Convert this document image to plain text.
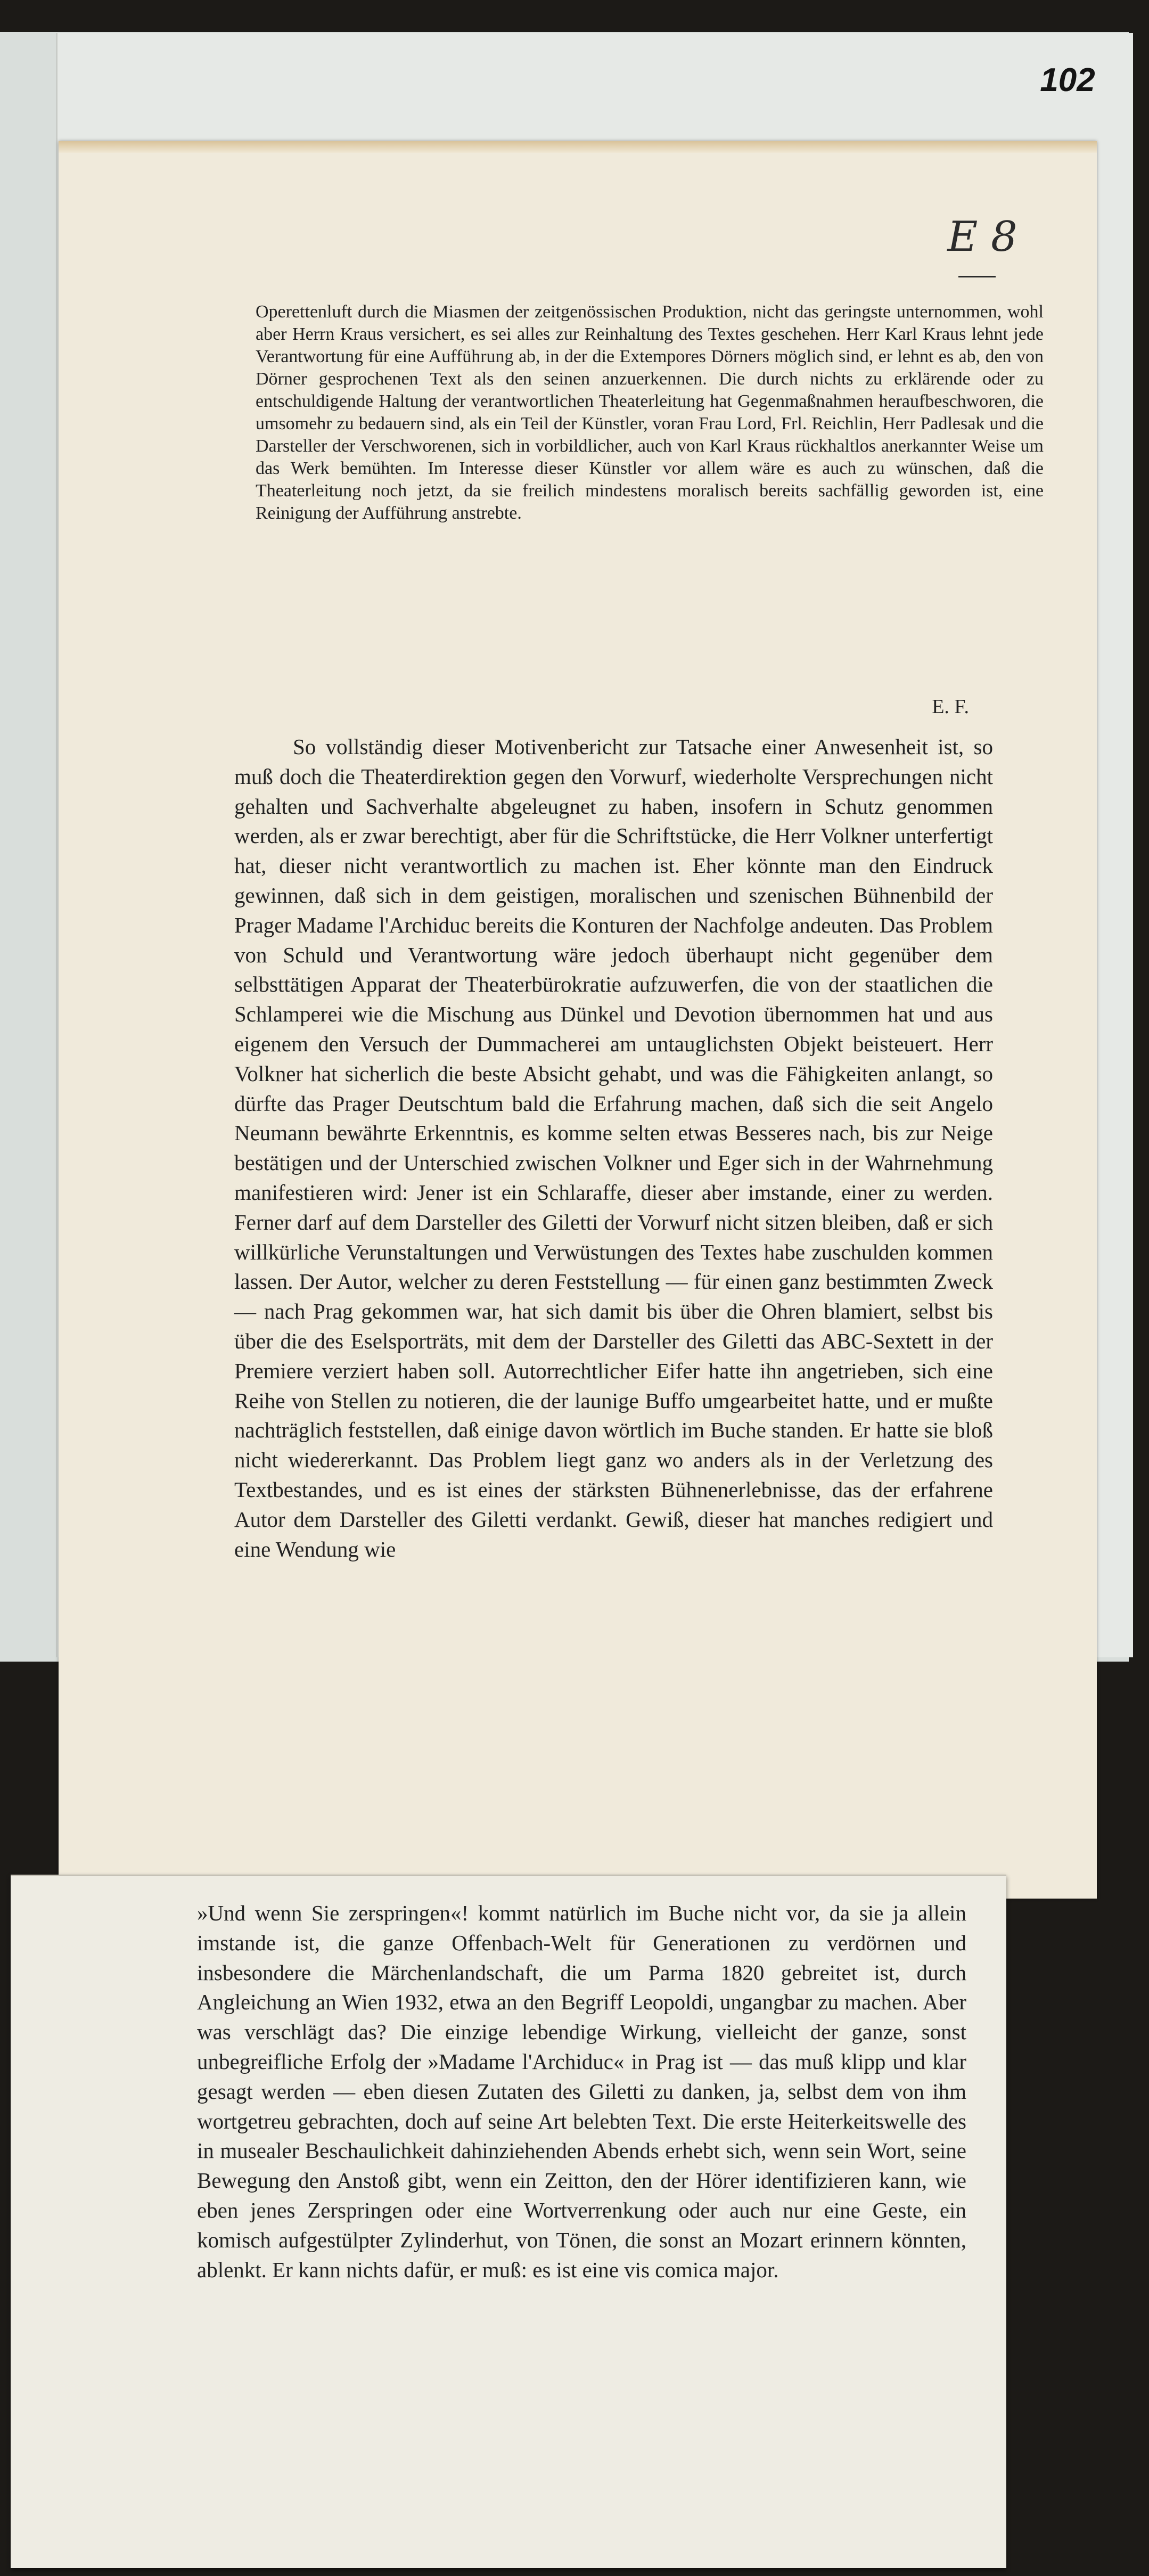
102
E 8
Operettenluft durch die Miasmen der zeitgenössischen Produktion, nicht das geringste unternommen, wohl aber Herrn Kraus versichert, es sei alles zur Reinhaltung des Textes geschehen. Herr Karl Kraus lehnt jede Verantwortung für eine Aufführung ab, in der die Extempores Dörners möglich sind, er lehnt es ab, den von Dörner gesprochenen Text als den seinen anzuerkennen. Die durch nichts zu erklärende oder zu entschuldigende Haltung der verantwortlichen Theaterleitung hat Gegenmaßnahmen heraufbeschworen, die umsomehr zu bedauern sind, als ein Teil der Künstler, voran Frau Lord, Frl. Reichlin, Herr Padlesak und die Darsteller der Verschworenen, sich in vorbildlicher, auch von Karl Kraus rückhaltlos anerkannter Weise um das Werk bemühten. Im Interesse dieser Künstler vor allem wäre es auch zu wünschen, daß die Theaterleitung noch jetzt, da sie freilich mindestens moralisch bereits sachfällig geworden ist, eine Reinigung der Aufführung anstrebte.
E. F.

So vollständig dieser Motivenbericht zur Tatsache einer Anwesenheit ist, so muß doch die Theaterdirektion gegen den Vorwurf, wiederholte Versprechungen nicht gehalten und Sachverhalte abgeleugnet zu haben, insofern in Schutz genommen werden, als er zwar berechtigt, aber für die Schriftstücke, die Herr Volkner unterfertigt hat, dieser nicht verantwortlich zu machen ist. Eher könnte man den Eindruck gewinnen, daß sich in dem geistigen, moralischen und szenischen Bühnenbild der Prager Madame l'Archiduc bereits die Konturen der Nachfolge andeuten. Das Problem von Schuld und Verantwortung wäre jedoch überhaupt nicht gegenüber dem selbsttätigen Apparat der Theaterbürokratie aufzuwerfen, die von der staatlichen die Schlamperei wie die Mischung aus Dünkel und Devotion übernommen hat und aus eigenem den Versuch der Dummacherei am untauglichsten Objekt beisteuert. Herr Volkner hat sicherlich die beste Absicht gehabt, und was die Fähigkeiten anlangt, so dürfte das Prager Deutschtum bald die Erfahrung machen, daß sich die seit Angelo Neumann bewährte Erkenntnis, es komme selten etwas Besseres nach, bis zur Neige bestätigen und der Unterschied zwischen Volkner und Eger sich in der Wahrnehmung manifestieren wird: Jener ist ein Schlaraffe, dieser aber imstande, einer zu werden. Ferner darf auf dem Darsteller des Giletti der Vorwurf nicht sitzen bleiben, daß er sich willkürliche Verunstaltungen und Verwüstungen des Textes habe zuschulden kommen lassen. Der Autor, welcher zu deren Feststellung — für einen ganz bestimmten Zweck — nach Prag gekommen war, hat sich damit bis über die Ohren blamiert, selbst bis über die des Eselsporträts, mit dem der Darsteller des Giletti das ABC-Sextett in der Premiere verziert haben soll. Autorrechtlicher Eifer hatte ihn angetrieben, sich eine Reihe von Stellen zu notieren, die der launige Buffo umgearbeitet hatte, und er mußte nachträglich feststellen, daß einige davon wörtlich im Buche standen. Er hatte sie bloß nicht wiedererkannt. Das Problem liegt ganz wo anders als in der Verletzung des Textbestandes, und es ist eines der stärksten Bühnenerlebnisse, das der erfahrene Autor dem Darsteller des Giletti verdankt. Gewiß, dieser hat manches redigiert und eine Wendung wie

»Und wenn Sie zerspringen«! kommt natürlich im Buche nicht vor, da sie ja allein imstande ist, die ganze Offenbach-Welt für Generationen zu verdörnen und insbesondere die Märchenlandschaft, die um Parma 1820 gebreitet ist, durch Angleichung an Wien 1932, etwa an den Begriff Leopoldi, ungangbar zu machen. Aber was verschlägt das? Die einzige lebendige Wirkung, vielleicht der ganze, sonst unbegreifliche Erfolg der »Madame l'Archiduc« in Prag ist — das muß klipp und klar gesagt werden — eben diesen Zutaten des Giletti zu danken, ja, selbst dem von ihm wortgetreu gebrachten, doch auf seine Art belebten Text. Die erste Heiterkeitswelle des in musealer Beschaulichkeit dahinziehenden Abends erhebt sich, wenn sein Wort, seine Bewegung den Anstoß gibt, wenn ein Zeitton, den der Hörer identifizieren kann, wie eben jenes Zerspringen oder eine Wortverrenkung oder auch nur eine Geste, ein komisch aufgestülpter Zylinderhut, von Tönen, die sonst an Mozart erinnern könnten, ablenkt. Er kann nichts dafür, er muß: es ist eine vis comica major.
